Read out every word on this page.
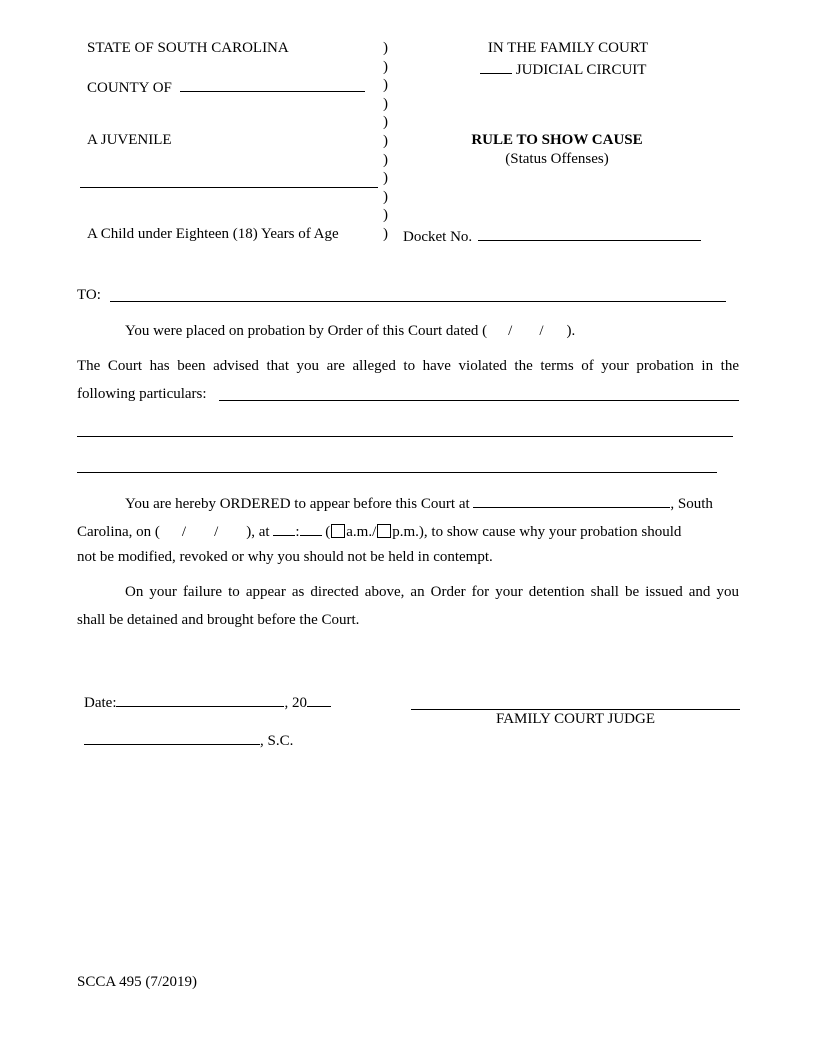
STATE OF SOUTH CAROLINA
COUNTY OF
A JUVENILE
A Child under Eighteen (18) Years of Age
)
)
)
)
)
)
)
)
)
)
)
IN THE FAMILY COURT
JUDICIAL CIRCUIT
RULE TO SHOW CAUSE
(Status Offenses)
Docket No.
TO:
You were placed on probation by Order of this Court dated ( / / ).
The Court has been advised that you are alleged to have violated the terms of your probation in the
following particulars:
You are hereby ORDERED to appear before this Court at	, South
Carolina, on ( / / ), at : ( a.m./ p.m.), to show cause why your probation should
not be modified, revoked or why you should not be held in contempt.
On your failure to appear as directed above, an Order for your detention shall be issued and you
shall be detained and brought before the Court.
Date:	, 20
, S.C.
FAMILY COURT JUDGE
SCCA 495 (7/2019)
